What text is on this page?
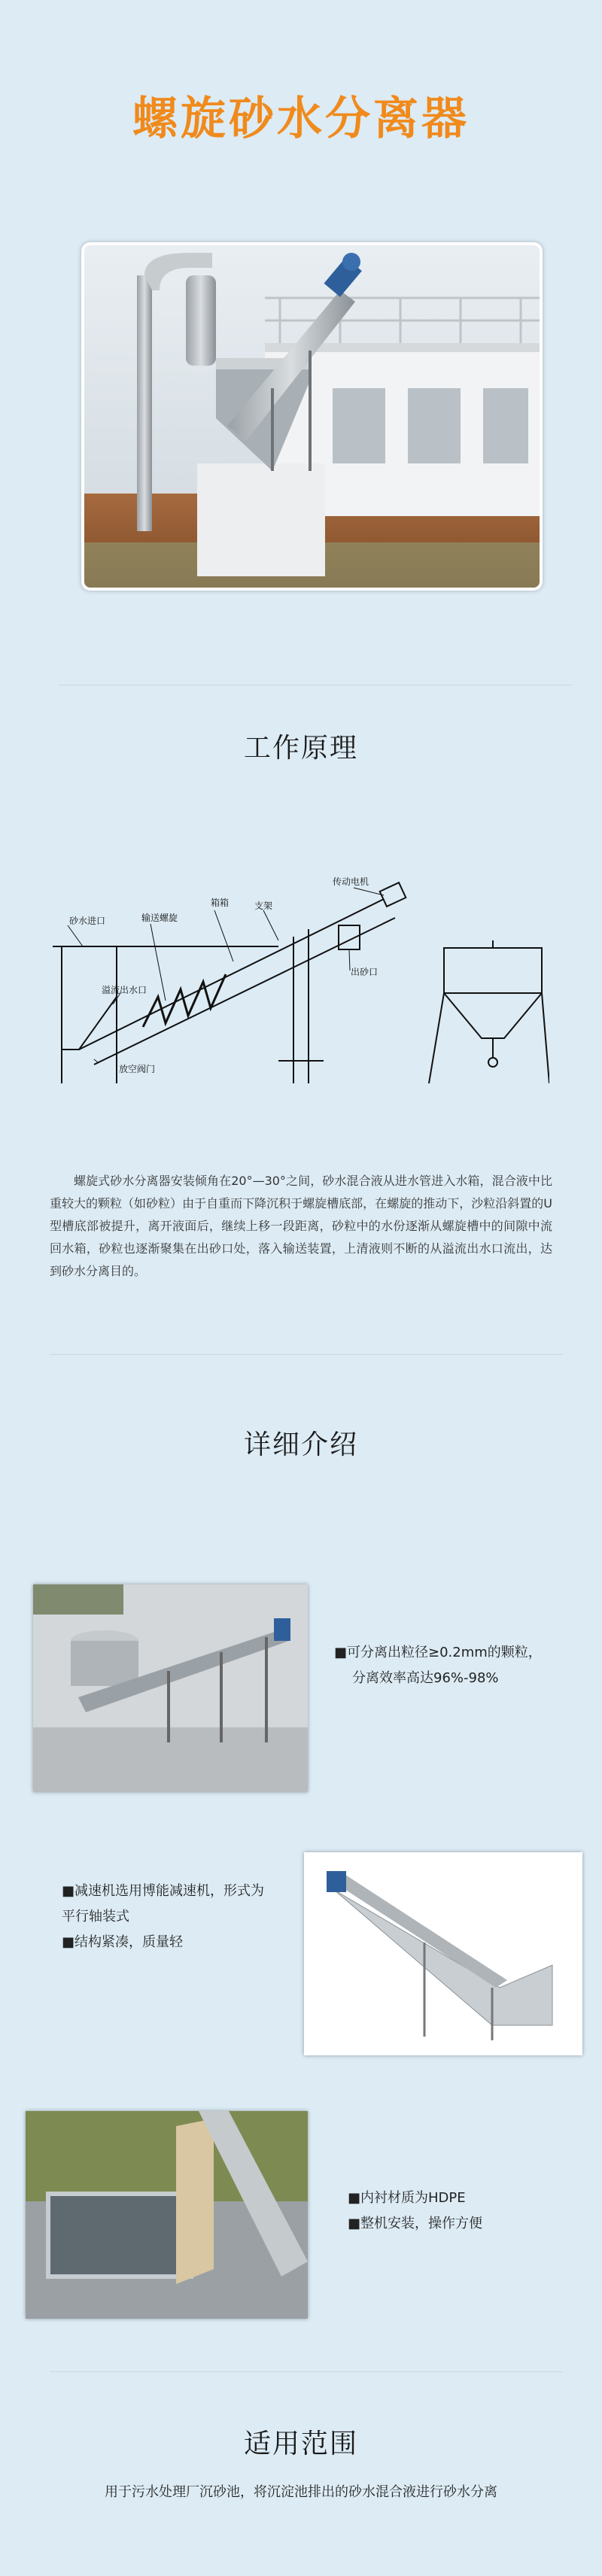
螺旋砂水分离器
工作原理
砂水进口	输送螺旋
箱箱	支架
传动电机
出砂口
溢流出水口
放空阀门
螺旋式砂水分离器安装倾角在20°—30°之间，砂水混合液从进水管进入水箱，混合液中比重较大的颗粒（如砂粒）由于自重而下降沉积于螺旋槽底部，在螺旋的推动下，沙粒沿斜置的U型槽底部被提升，离开液面后，继续上移一段距离，砂粒中的水份逐渐从螺旋槽中的间隙中流回水箱，砂粒也逐渐聚集在出砂口处，落入输送装置，上清液则不断的从溢流出水口流出，达到砂水分离目的。
详细介绍
■可分离出粒径≥0.2mm的颗粒，
分离效率高达96%-98%
■减速机选用博能减速机，形式为
平行轴装式
■结构紧凑，质量轻
■内衬材质为HDPE
■整机安装，操作方便
适用范围
用于污水处理厂沉砂池，将沉淀池排出的砂水混合液进行砂水分离
